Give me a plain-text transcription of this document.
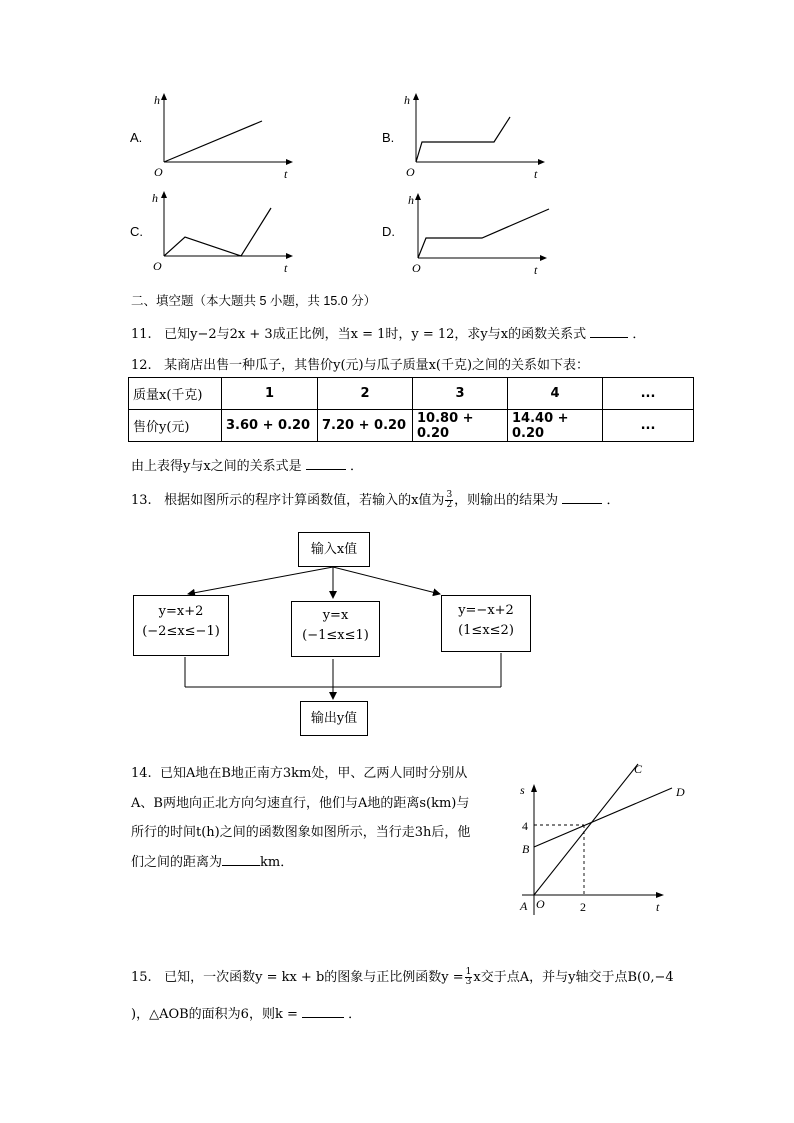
A.
h
t
O
B.
h
t
O
C.
h
t
O
D.
h
t
O
二、填空题（本大题共 5 小题，共 15.0 分）
11. 已知y−2与2x + 3成正比例，当x = 1时，y = 12，求y与x的函数关系式	．
12. 某商店出售一种瓜子，其售价y(元)与瓜子质量x(千克)之间的关系如下表：
质量x(千克)	1	2	3	4	...
售价y(元)	3.60 + 0.20	7.20 + 0.20	10.80 + 0.20	14.40 + 0.20	...
由上表得y与x之间的关系式是	．
13. 根据如图所示的程序计算函数值，若输入的x值为 $\frac{3}{2}$ ，则输出的结果为	．
输入x值
y=x+2
(−2≤x≤−1)
y=x
(−1≤x≤1)
y=−x+2
(1≤x≤2)
输出y值
14. 已知A地在B地正南方3km处，甲、乙两人同时分别从
A、B两地向正北方向匀速直行，他们与A地的距离s(km)与
所行的时间t(h)之间的函数图象如图所示，当行走3h后，他
们之间的距离为	km．
s
t
A O
B
C
D
4
2
15. 已知，一次函数y = kx + b的图象与正比例函数$y = \frac{1}{3}$ x交于点A，并与y轴交于点B(0,−4
)，△AOB的面积为6，则k =	．
